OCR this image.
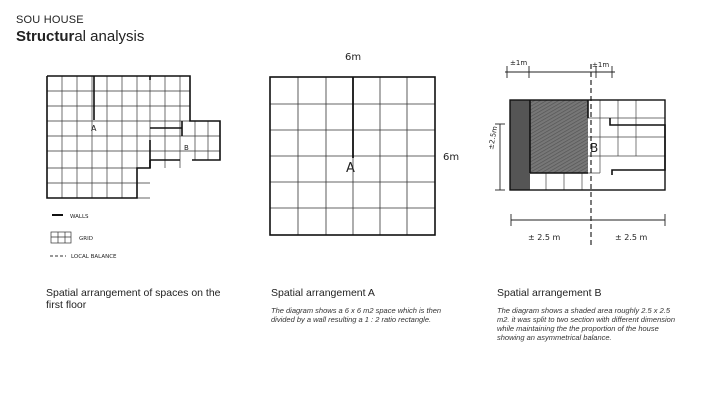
SOU HOUSE
Structural analysis
A
B
WALLS
GRID
LOCAL BALANCE
6m
6m
A
±1m	±1m
±2.5m	B
± 2.5 m	± 2.5 m
Spatial arrangement of spaces on the first floor
Spatial arrangement A
The diagram shows a 6 x 6 m2 space which is then divided by a wall resulting a 1 : 2 ratio rectangle.
Spatial arrangement B
The diagram shows a shaded area roughly 2.5 x 2.5 m2. it was split to two section with different dimension while maintaining the the proportion of the house showing an asymmetrical balance.
